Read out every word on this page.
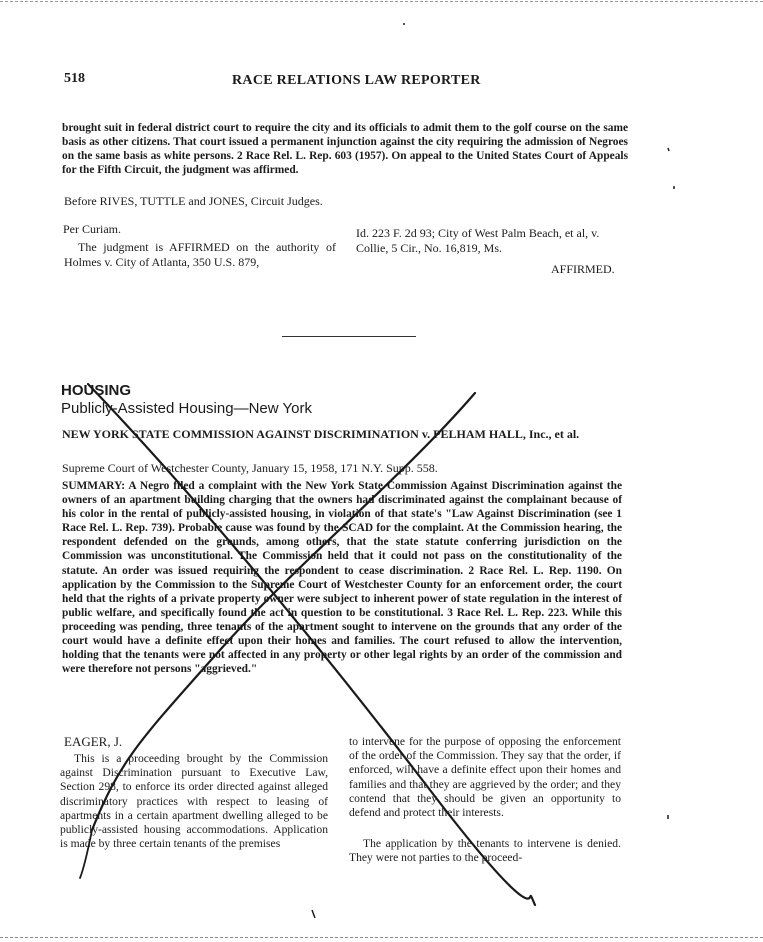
518	RACE RELATIONS LAW REPORTER

brought suit in federal district court to require the city and its officials to admit them to the golf course on the same basis as other citizens. That court issued a permanent injunction against the city requiring the admission of Negroes on the same basis as white persons. 2 Race Rel. L. Rep. 603 (1957). On appeal to the United States Court of Appeals for the Fifth Circuit, the judgment was affirmed.

Before RIVES, TUTTLE and JONES, Circuit Judges.
Per Curiam.

The judgment is AFFIRMED on the authority of Holmes v. City of Atlanta, 350 U.S. 879,

Id. 223 F. 2d 93; City of West Palm Beach, et al, v. Collie, 5 Cir., No. 16,819, Ms.

AFFIRMED.
HOUSING
Publicly-Assisted Housing—New York

NEW YORK STATE COMMISSION AGAINST DISCRIMINATION v. PELHAM HALL, Inc., et al.

Supreme Court of Westchester County, January 15, 1958, 171 N.Y. Supp. 558.

SUMMARY: A Negro filed a complaint with the New York State Commission Against Discrimination against the owners of an apartment building charging that the owners had discriminated against the complainant because of his color in the rental of publicly-assisted housing, in violation of that state's "Law Against Discrimination (see 1 Race Rel. L. Rep. 739). Probable cause was found by the SCAD for the complaint. At the Commission hearing, the respondent defended on the grounds, among others, that the state statute conferring jurisdiction on the Commission was unconstitutional. The Commission held that it could not pass on the constitutionality of the statute. An order was issued requiring the respondent to cease discrimination. 2 Race Rel. L. Rep. 1190. On application by the Commission to the Supreme Court of Westchester County for an enforcement order, the court held that the rights of a private property owner were subject to inherent power of state regulation in the interest of public welfare, and specifically found the act in question to be constitutional. 3 Race Rel. L. Rep. 223. While this proceeding was pending, three tenants of the apartment sought to intervene on the grounds that any order of the court would have a definite effect upon their homes and families. The court refused to allow the intervention, holding that the tenants were not affected in any property or other legal rights by an order of the commission and were therefore not persons "aggrieved."

EAGER, J.

This is a proceeding brought by the Commission against Discrimination pursuant to Executive Law, Section 298, to enforce its order directed against alleged discriminatory practices with respect to leasing of apartments in a certain apartment dwelling alleged to be publicly-assisted housing accommodations. Application is made by three certain tenants of the premises

to intervene for the purpose of opposing the enforcement of the order of the Commission. They say that the order, if enforced, will have a definite effect upon their homes and families and that they are aggrieved by the order; and they contend that they should be given an opportunity to defend and protect their interests.

The application by the tenants to intervene is denied. They were not parties to the proceed-
